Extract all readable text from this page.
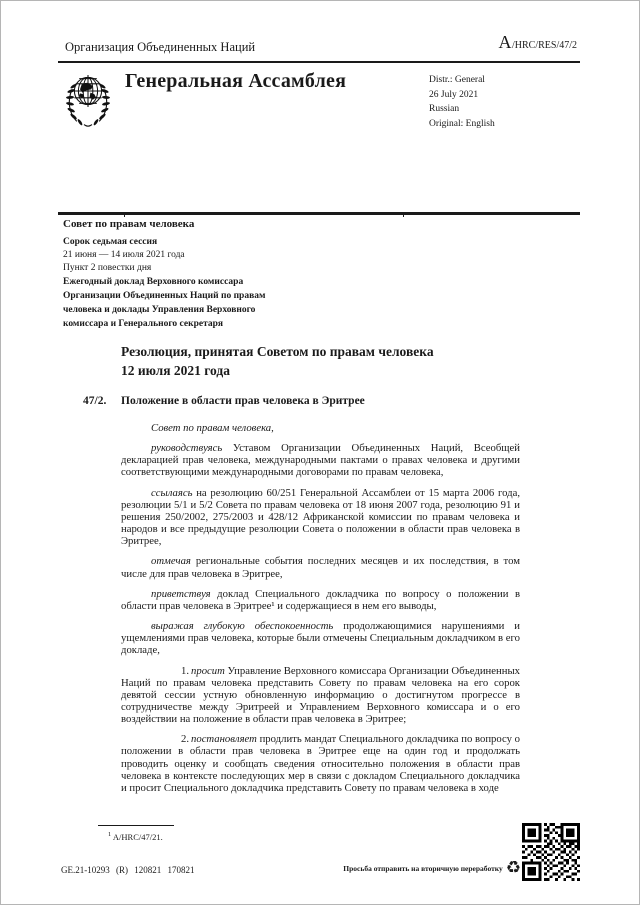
Организация Объединенных Наций	A /HRC/RES/47/2
Генеральная Ассамблея	Distr.: General
26 July 2021
Russian
Original: English
Совет по правам человека
Сорок седьмая сессия
21 июня — 14 июля 2021 года
Пункт 2 повестки дня
Ежегодный доклад Верховного комиссара
Организации Объединенных Наций по правам
человека и доклады Управления Верховного
комиссара и Генерального секретаря
Резолюция, принятая Советом по правам человека
12 июля 2021 года
47/2. Положение в области прав человека в Эритрее

Совет по правам человека,

руководствуясь Уставом Организации Объединенных Наций, Всеобщей декларацией прав человека, международными пактами о правах человека и другими соответствующими международными договорами по правам человека,

ссылаясь на резолюцию 60/251 Генеральной Ассамблеи от 15 марта 2006 года, резолюции 5/1 и 5/2 Совета по правам человека от 18 июня 2007 года, резолюцию 91 и решения 250/2002, 275/2003 и 428/12 Африканской комиссии по правам человека и народов и все предыдущие резолюции Совета о положении в области прав человека в Эритрее,

отмечая региональные события последних месяцев и их последствия, в том числе для прав человека в Эритрее,

приветствуя доклад Специального докладчика по вопросу о положении в области прав человека в Эритрее¹ и содержащиеся в нем его выводы,

выражая глубокую обеспокоенность продолжающимися нарушениями и ущемлениями прав человека, которые были отмечены Специальным докладчиком в его докладе,

1. просит Управление Верховного комиссара Организации Объединенных Наций по правам человека представить Совету по правам человека на его сорок девятой сессии устную обновленную информацию о достигнутом прогрессе в сотрудничестве между Эритреей и Управлением Верховного комиссара и о его воздействии на положение в области прав человека в Эритрее;

2. постановляет продлить мандат Специального докладчика по вопросу о положении в области прав человека в Эритрее еще на один год и продолжать проводить оценку и сообщать сведения относительно положения в области прав человека в контексте последующих мер в связи с докладом Специального докладчика и просит Специального докладчика представить Совету по правам человека в ходе

$^1$ A/HRC/47/21.
GE.21-10293 (R) 120821 170821	Просьба отправить на вторичную переработку ♻
